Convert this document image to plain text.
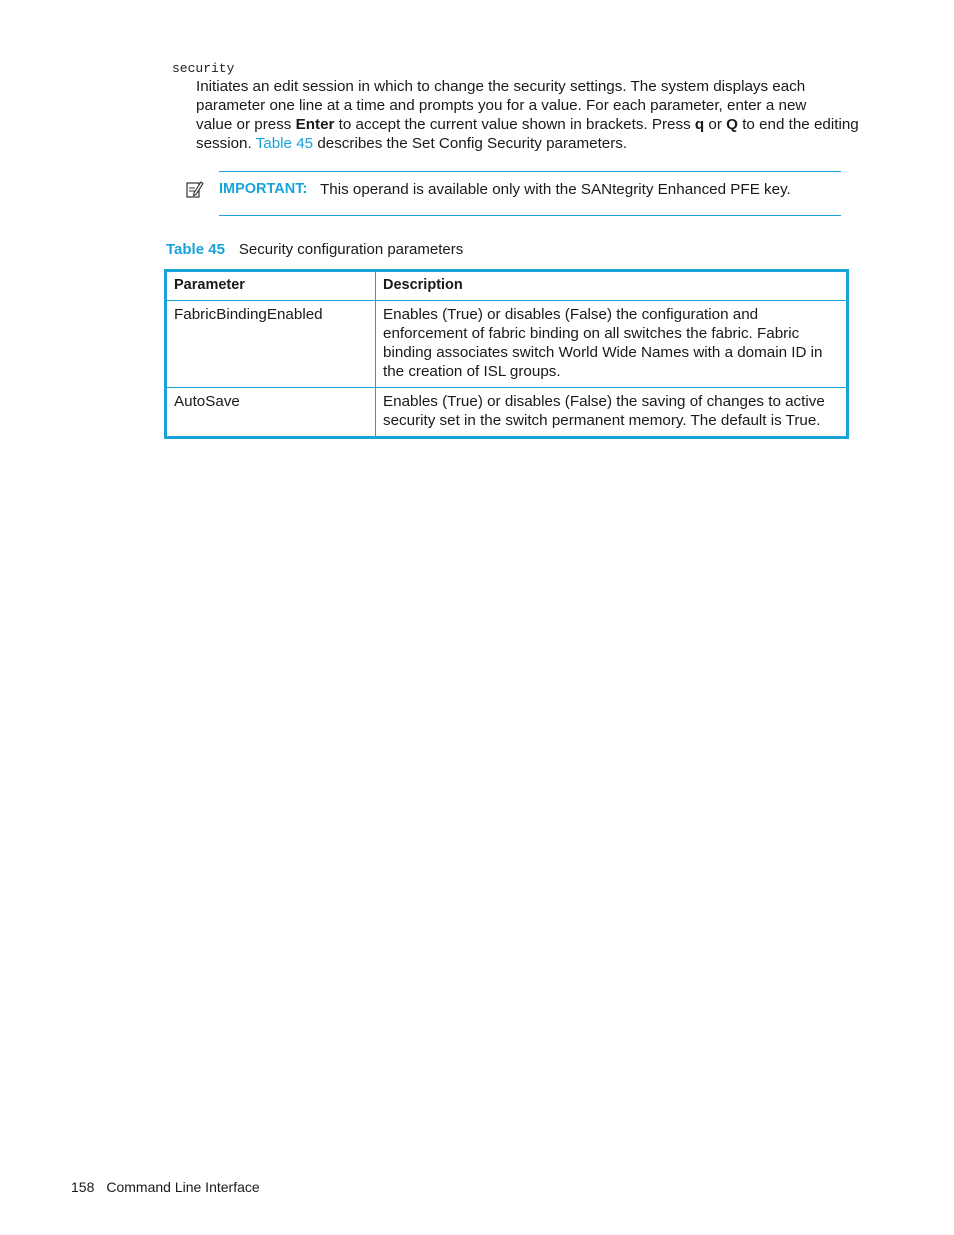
security
Initiates an edit session in which to change the security settings. The system displays each
parameter one line at a time and prompts you for a value. For each parameter, enter a new
value or press Enter to accept the current value shown in brackets. Press q or Q to end the editing
session. Table 45 describes the Set Config Security parameters.
IMPORTANT: This operand is available only with the SANtegrity Enhanced PFE key.
Table 45 Security configuration parameters
Parameter	Description
FabricBindingEnabled	Enables (True) or disables (False) the configuration and enforcement of fabric binding on all switches the fabric. Fabric binding associates switch World Wide Names with a domain ID in the creation of ISL groups.
AutoSave	Enables (True) or disables (False) the saving of changes to active security set in the switch permanent memory. The default is True.
158 Command Line Interface
